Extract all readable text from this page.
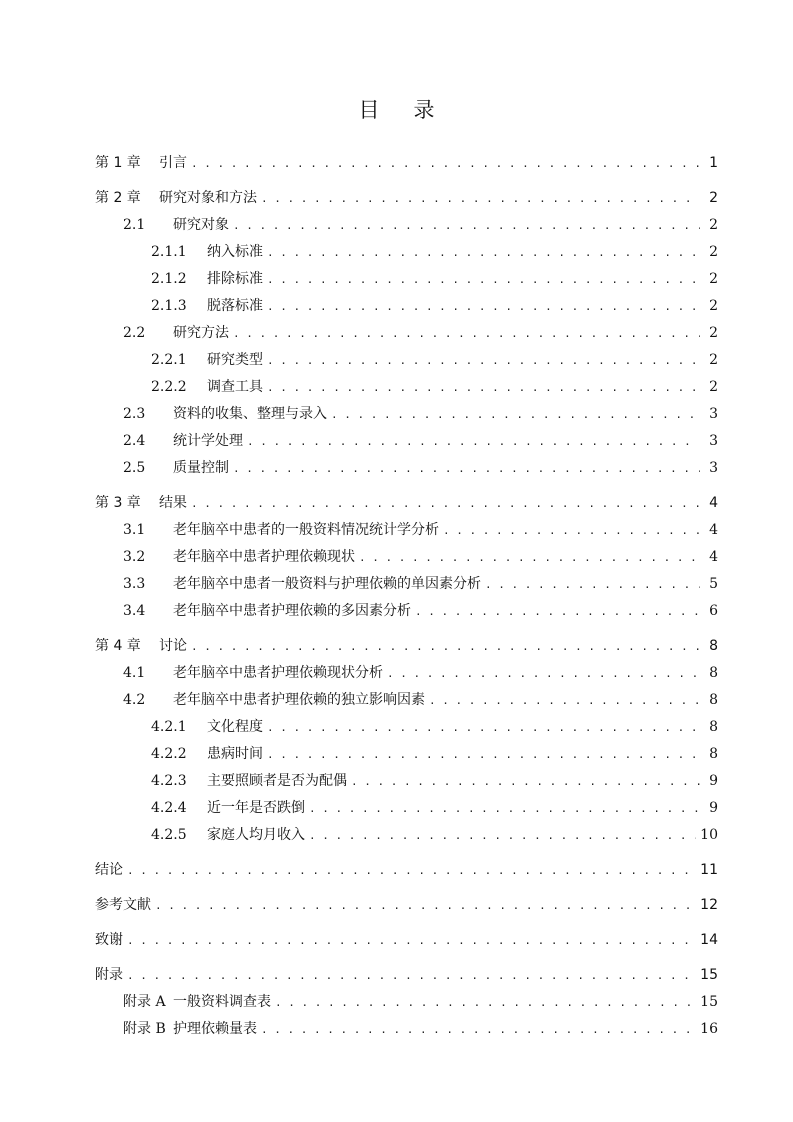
目录
第 1 章	引言 . . .	1
第 2 章	研究对象和方法 . . .	2
2.1	研究对象 . . .	2
2.1.1	纳入标准 . . .	2
2.1.2	排除标准 . . .	2
2.1.3	脱落标准 . . .	2
2.2	研究方法 . . .	2
2.2.1	研究类型 . . .	2
2.2.2	调查工具 . . .	2
2.3	资料的收集、整理与录入 . . .	3
2.4	统计学处理 . . .	3
2.5	质量控制 . . .	3
第 3 章	结果 . . .	4
3.1	老年脑卒中患者的一般资料情况统计学分析 . . .	4
3.2	老年脑卒中患者护理依赖现状 . . .	4
3.3	老年脑卒中患者一般资料与护理依赖的单因素分析 . . .	5
3.4	老年脑卒中患者护理依赖的多因素分析 . . .	6
第 4 章	讨论 . . .	8
4.1	老年脑卒中患者护理依赖现状分析 . . .	8
4.2	老年脑卒中患者护理依赖的独立影响因素 . . .	8
4.2.1	文化程度 . . .	8
4.2.2	患病时间 . . .	8
4.2.3	主要照顾者是否为配偶 . . .	9
4.2.4	近一年是否跌倒 . . .	9
4.2.5	家庭人均月收入 . . .	10
结论 . . .	11
参考文献 . . .	12
致谢 . . .	14
附录 . . .	15
附录 A 一般资料调查表 . . .	15
附录 B 护理依赖量表 . . .	16
